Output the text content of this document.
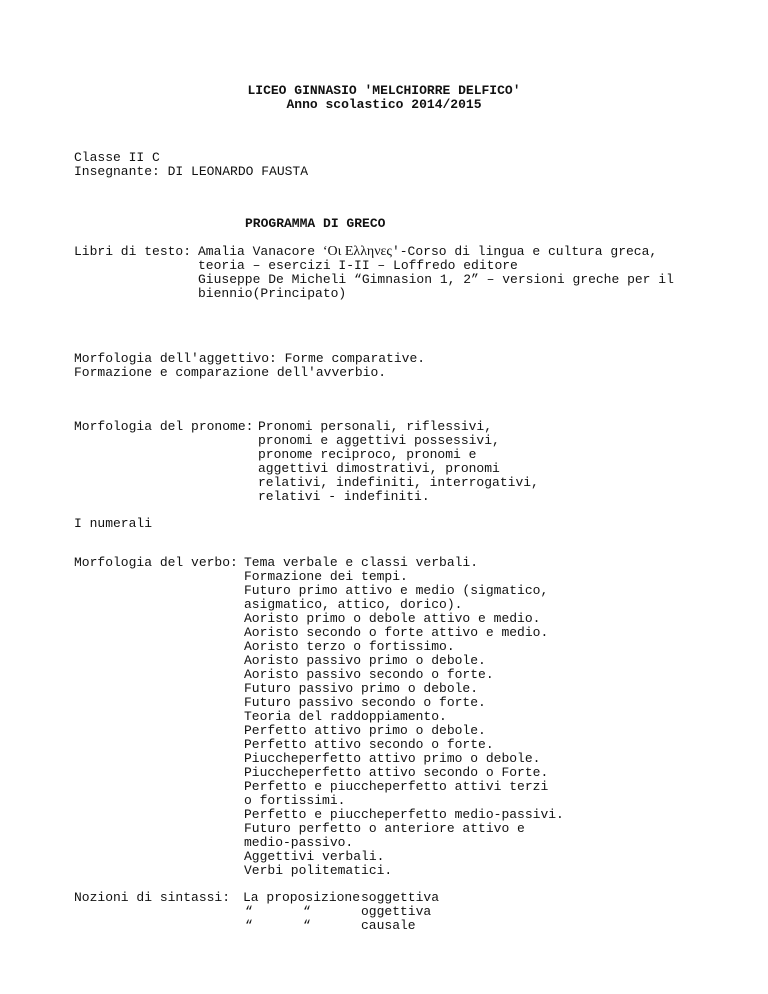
LICEO GINNASIO 'MELCHIORRE DELFICO'
Anno scolastico 2014/2015
Classe II C
Insegnante: DI LEONARDO FAUSTA
PROGRAMMA DI GRECO
Libri di testo: Amalia Vanacore ‘Οι Ελληνες'-Corso di lingua e cultura greca,
teoria – esercizi I-II – Loffredo editore
Giuseppe De Micheli “Gimnasion 1, 2” – versioni greche per il
biennio(Principato)
Morfologia dell'aggettivo: Forme comparative.
Formazione e comparazione dell'avverbio.
Morfologia del pronome: Pronomi personali, riflessivi,
pronomi e aggettivi possessivi,
pronome reciproco, pronomi e
aggettivi dimostrativi, pronomi
relativi, indefiniti, interrogativi,
relativi - indefiniti.
I numerali
Morfologia del verbo: Tema verbale e classi verbali.
Formazione dei tempi.
Futuro primo attivo e medio (sigmatico,
asigmatico, attico, dorico).
Aoristo primo o debole attivo e medio.
Aoristo secondo o forte attivo e medio.
Aoristo terzo o fortissimo.
Aoristo passivo primo o debole.
Aoristo passivo secondo o forte.
Futuro passivo primo o debole.
Futuro passivo secondo o forte.
Teoria del raddoppiamento.
Perfetto attivo primo o debole.
Perfetto attivo secondo o forte.
Piuccheperfetto attivo primo o debole.
Piuccheperfetto attivo secondo o Forte.
Perfetto e piuccheperfetto attivi terzi
o fortissimi.
Perfetto e piuccheperfetto medio-passivi.
Futuro perfetto o anteriore attivo e
medio-passivo.
Aggettivi verbali.
Verbi politematici.
Nozioni di sintassi: La proposizione soggettiva
“	“	oggettiva
“	“	causale
